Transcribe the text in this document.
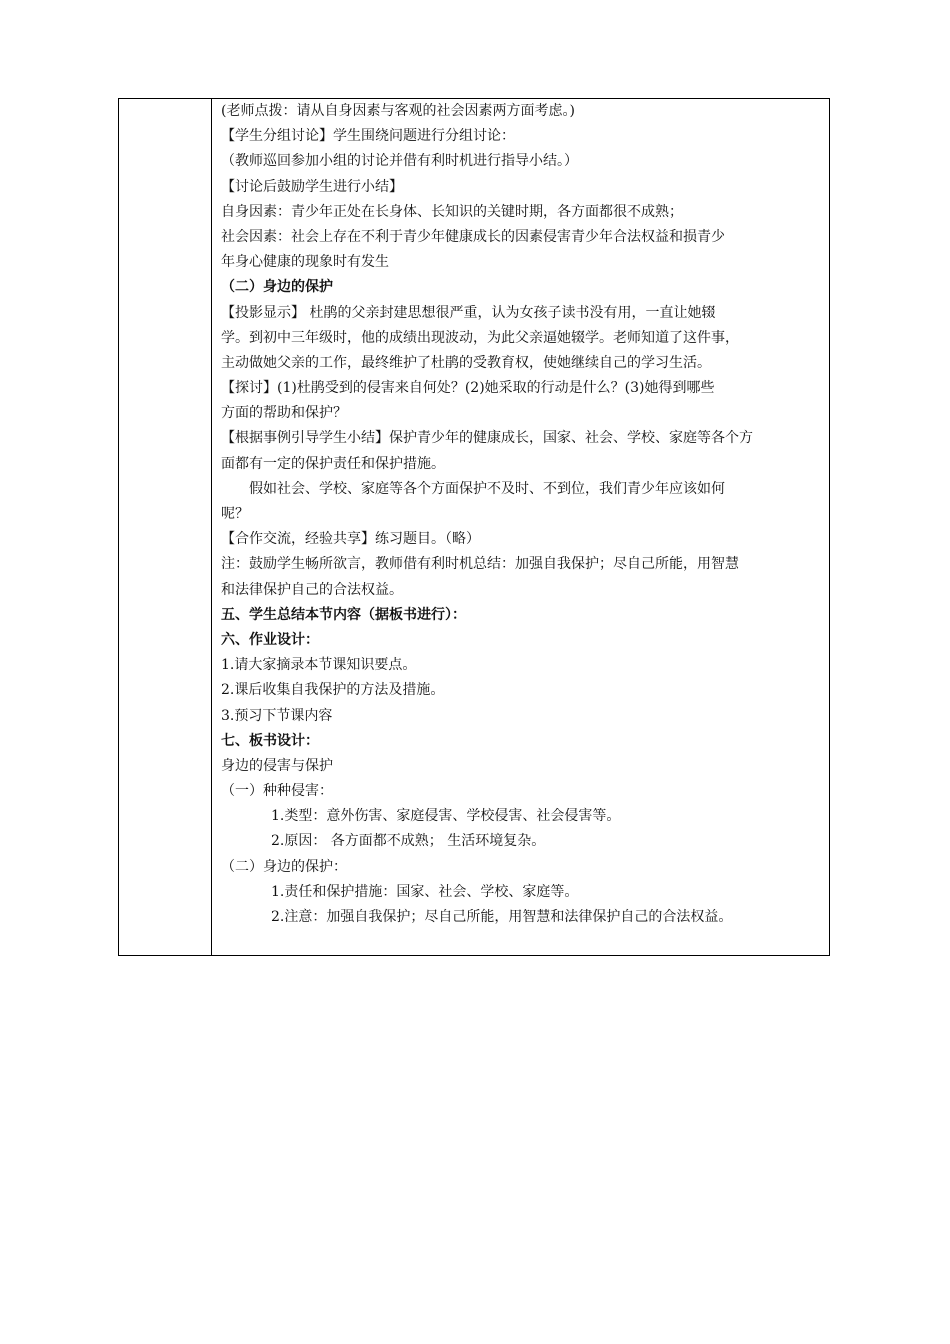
(老师点拨：请从自身因素与客观的社会因素两方面考虑。)
【学生分组讨论】学生围绕问题进行分组讨论：
（教师巡回参加小组的讨论并借有利时机进行指导小结。）
【讨论后鼓励学生进行小结】
自身因素：青少年正处在长身体、长知识的关键时期，各方面都很不成熟；
社会因素：社会上存在不利于青少年健康成长的因素侵害青少年合法权益和损青少
年身心健康的现象时有发生
（二）身边的保护
【投影显示】 杜鹃的父亲封建思想很严重，认为女孩子读书没有用，一直让她辍
学。到初中三年级时，他的成绩出现波动，为此父亲逼她辍学。老师知道了这件事，
主动做她父亲的工作，最终维护了杜鹃的受教育权，使她继续自己的学习生活。
【探讨】(1)杜鹃受到的侵害来自何处？(2)她采取的行动是什么？(3)她得到哪些
方面的帮助和保护？
【根据事例引导学生小结】保护青少年的健康成长，国家、社会、学校、家庭等各个方
面都有一定的保护责任和保护措施。
假如社会、学校、家庭等各个方面保护不及时、不到位，我们青少年应该如何
呢？
【合作交流，经验共享】练习题目。（略）
注：鼓励学生畅所欲言，教师借有利时机总结：加强自我保护；尽自己所能，用智慧
和法律保护自己的合法权益。
五、学生总结本节内容（据板书进行）：
六、作业设计：
1.请大家摘录本节课知识要点。
2.课后收集自我保护的方法及措施。
3.预习下节课内容
七、板书设计：
身边的侵害与保护
（一）种种侵害：
1.类型：意外伤害、家庭侵害、学校侵害、社会侵害等。
2.原因： 各方面都不成熟； 生活环境复杂。
（二）身边的保护：
1.责任和保护措施：国家、社会、学校、家庭等。
2.注意：加强自我保护；尽自己所能，用智慧和法律保护自己的合法权益。
